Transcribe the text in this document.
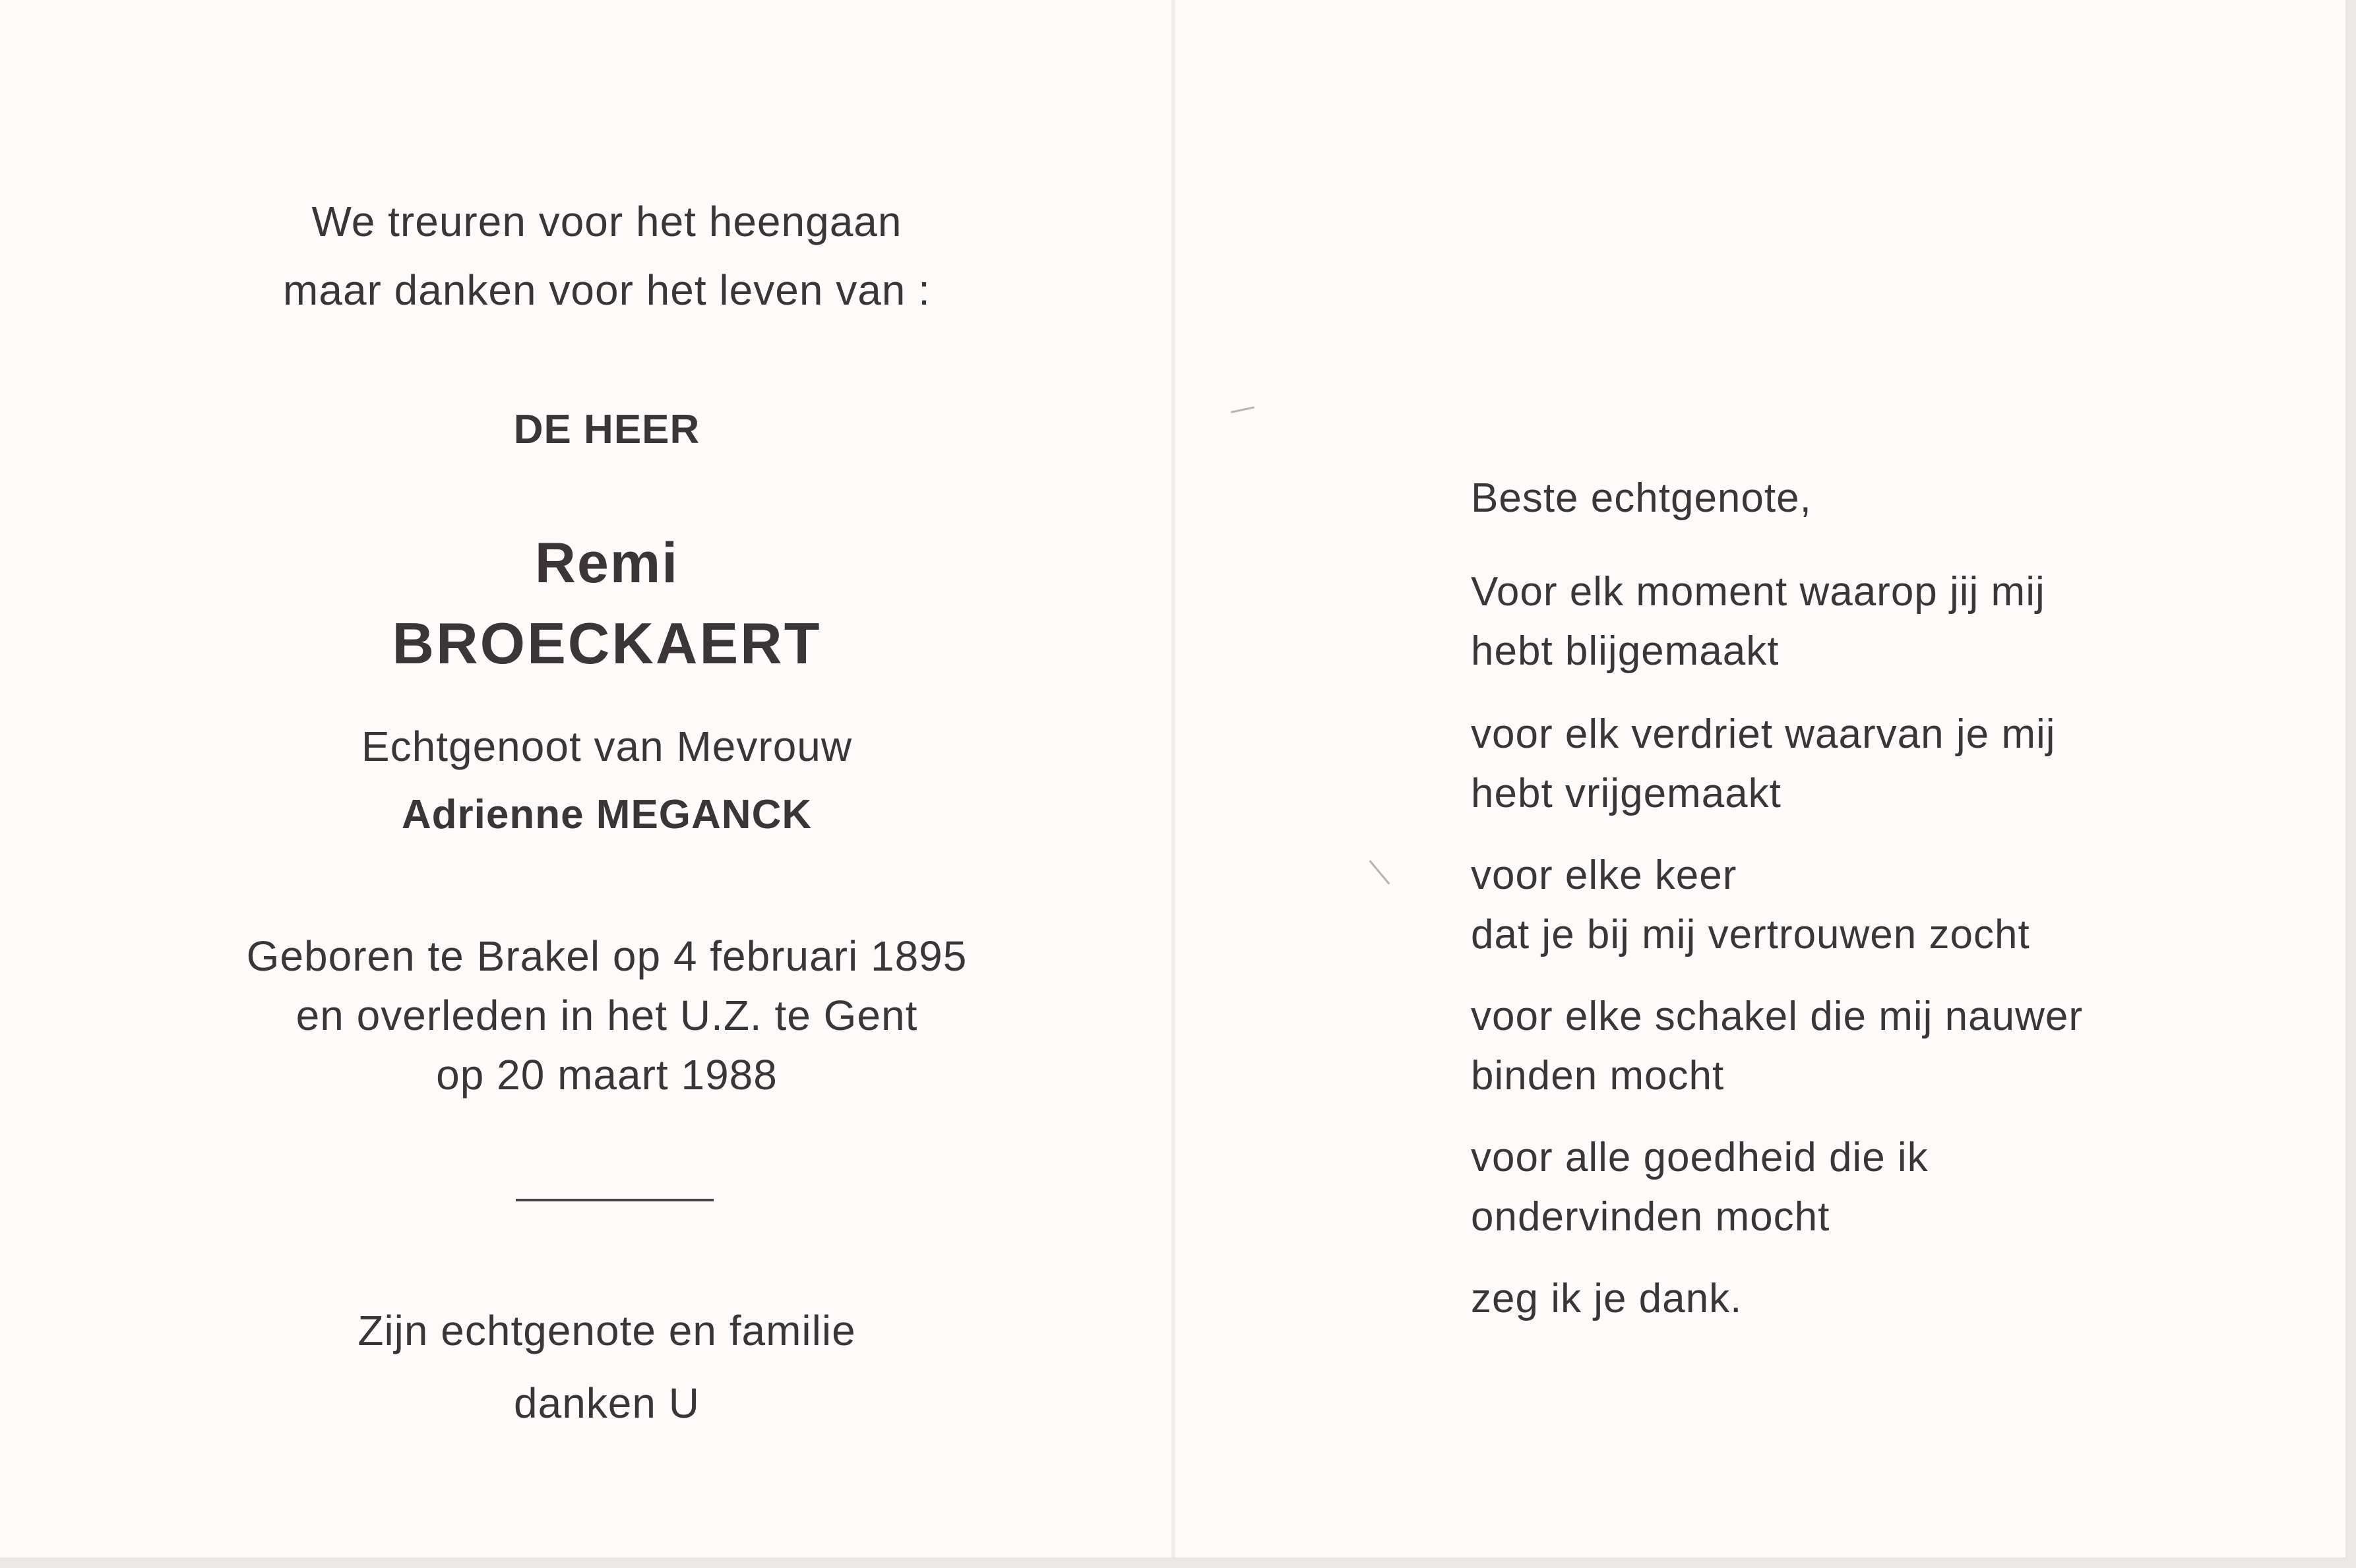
We treuren voor het heengaan
maar danken voor het leven van :
DE HEER
Remi
BROECKAERT
Echtgenoot van Mevrouw
Adrienne MEGANCK
Geboren te Brakel op 4 februari 1895
en overleden in het U.Z. te Gent
op 20 maart 1988
Zijn echtgenote en familie
danken U
Beste echtgenote,
Voor elk moment waarop jij mij
hebt blijgemaakt
voor elk verdriet waarvan je mij
hebt vrijgemaakt
voor elke keer
dat je bij mij vertrouwen zocht
voor elke schakel die mij nauwer
binden mocht
voor alle goedheid die ik
ondervinden mocht
zeg ik je dank.
